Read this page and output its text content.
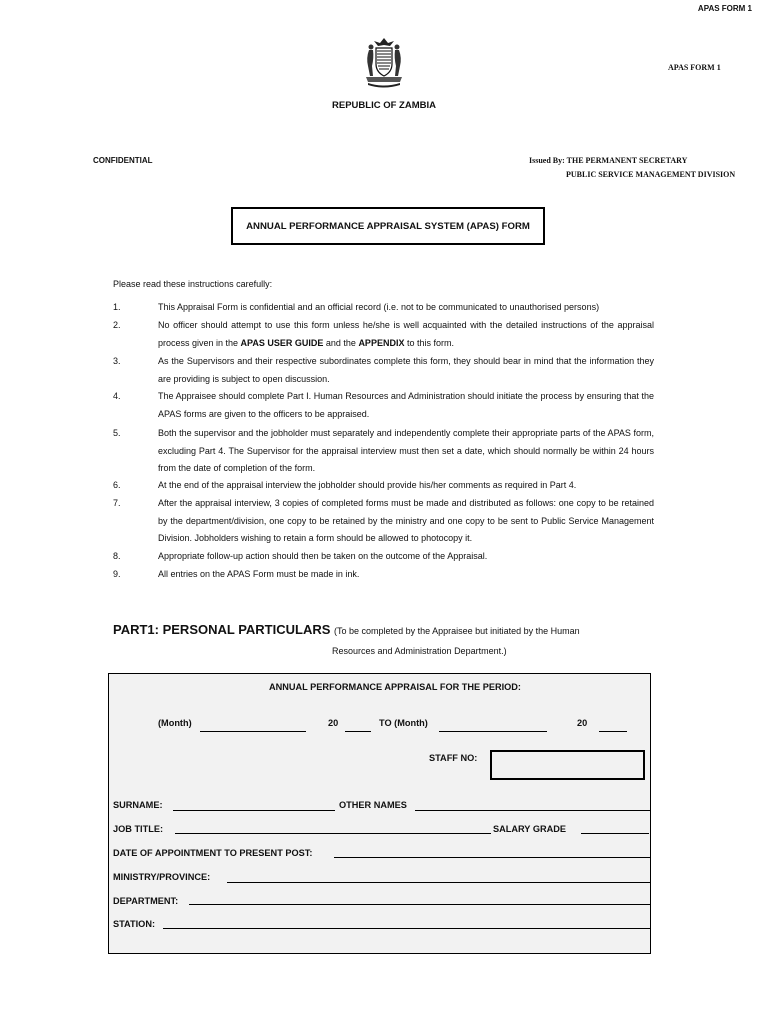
APAS FORM 1
APAS FORM 1
REPUBLIC OF ZAMBIA
CONFIDENTIAL	Issued By: THE PERMANENT SECRETARY
PUBLIC SERVICE MANAGEMENT DIVISION
ANNUAL PERFORMANCE APPRAISAL SYSTEM (APAS) FORM
Please read these instructions carefully:
1.	This Appraisal Form is confidential and an official record (i.e. not to be communicated to unauthorised persons)
2.	No officer should attempt to use this form unless he/she is well acquainted with the detailed instructions of the appraisal process given in the APAS USER GUIDE and the APPENDIX to this form.
3.	As the Supervisors and their respective subordinates complete this form, they should bear in mind that the information they are providing is subject to open discussion.
4.	The Appraisee should complete Part I. Human Resources and Administration should initiate the process by ensuring that the APAS forms are given to the officers to be appraised.
5.	Both the supervisor and the jobholder must separately and independently complete their appropriate parts of the APAS form, excluding Part 4. The Supervisor for the appraisal interview must then set a date, which should normally be within 24 hours from the date of completion of the form.
6.	At the end of the appraisal interview the jobholder should provide his/her comments as required in Part 4.
7.	After the appraisal interview, 3 copies of completed forms must be made and distributed as follows: one copy to be retained by the department/division, one copy to be retained by the ministry and one copy to be sent to Public Service Management Division. Jobholders wishing to retain a form should be allowed to photocopy it.
8.	Appropriate follow-up action should then be taken on the outcome of the Appraisal.
9.	All entries on the APAS Form must be made in ink.
PART1: PERSONAL PARTICULARS (To be completed by the Appraisee but initiated by the Human
Resources and Administration Department.)
ANNUAL PERFORMANCE APPRAISAL FOR THE PERIOD:
(Month)	20	TO (Month)	20
STAFF NO:
SURNAME:	OTHER NAMES
JOB TITLE:	SALARY GRADE
DATE OF APPOINTMENT TO PRESENT POST:
MINISTRY/PROVINCE:
DEPARTMENT:
STATION:
